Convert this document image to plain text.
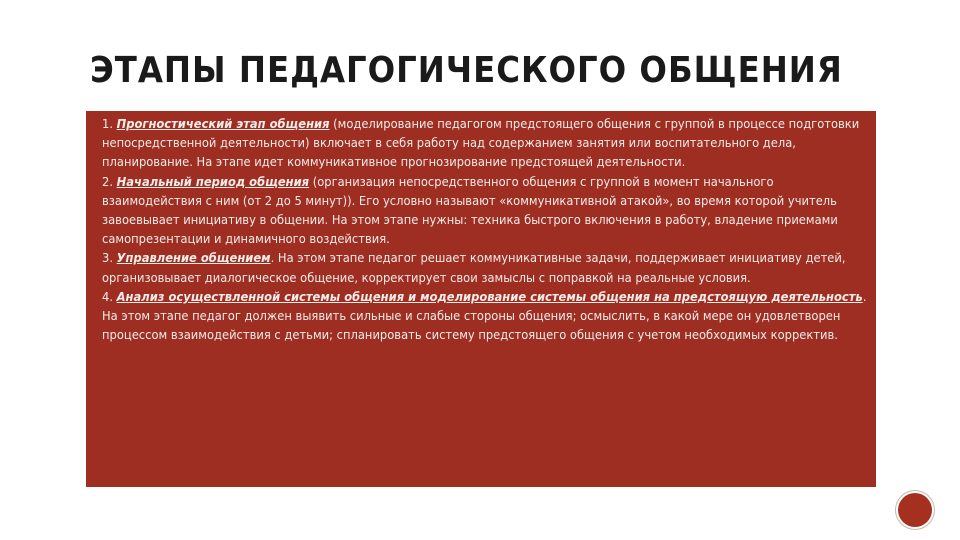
ЭТАПЫ ПЕДАГОГИЧЕСКОГО ОБЩЕНИЯ

1. Прогностический этап общения (моделирование педагогом предстоящего общения с группой в процессе подготовки непосредственной деятельности) включает в себя работу над содержанием занятия или воспитательного дела, планирование. На этапе идет коммуникативное прогнозирование предстоящей деятельности.

2. Начальный период общения (организация непосредственного общения с группой в момент начального взаимодействия с ним (от 2 до 5 минут)). Его условно называют «коммуникативной атакой», во время которой учитель завоевывает инициативу в общении. На этом этапе нужны: техника быстрого включения в работу, владение приемами самопрезентации и динамичного воздействия.

3. Управление общением. На этом этапе педагог решает коммуникативные задачи, поддерживает инициативу детей, организовывает диалогическое общение, корректирует свои замыслы с поправкой на реальные условия.

4. Анализ осуществленной системы общения и моделирование системы общения на предстоящую деятельность. На этом этапе педагог должен выявить сильные и слабые стороны общения; осмыслить, в какой мере он удовлетворен процессом взаимодействия с детьми; спланировать систему предстоящего общения с учетом необходимых корректив.
